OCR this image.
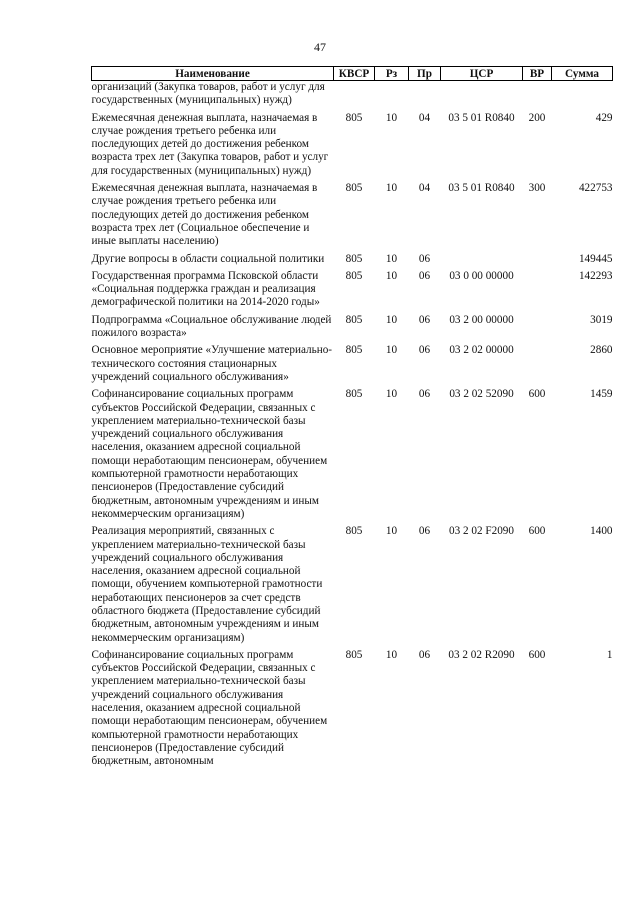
47
Наименование	КВСР	Рз	Пр	ЦСР	ВР	Сумма
организаций (Закупка товаров, работ и услуг для государственных (муниципальных) нужд)						
Ежемесячная денежная выплата, назначаемая в случае рождения третьего ребенка или последующих детей до достижения ребенком возраста трех лет (Закупка товаров, работ и услуг для государственных (муниципальных) нужд)	805	10	04	03 5 01 R0840	200	429
Ежемесячная денежная выплата, назначаемая в случае рождения третьего ребенка или последующих детей до достижения ребенком возраста трех лет (Социальное обеспечение и иные выплаты населению)	805	10	04	03 5 01 R0840	300	422753
Другие вопросы в области социальной политики	805	10	06			149445
Государственная программа Псковской области «Социальная поддержка граждан и реализация демографической политики на 2014-2020 годы»	805	10	06	03 0 00 00000		142293
Подпрограмма «Социальное обслуживание людей пожилого возраста»	805	10	06	03 2 00 00000		3019
Основное мероприятие «Улучшение материально-технического состояния стационарных учреждений социального обслуживания»	805	10	06	03 2 02 00000		2860
Софинансирование социальных программ субъектов Российской Федерации, связанных с укреплением материально-технической базы учреждений социального обслуживания населения, оказанием адресной социальной помощи неработающим пенсионерам, обучением компьютерной грамотности неработающих пенсионеров (Предоставление субсидий бюджетным, автономным учреждениям и иным некоммерческим организациям)	805	10	06	03 2 02 52090	600	1459
Реализация мероприятий, связанных с укреплением материально-технической базы учреждений социального обслуживания населения, оказанием адресной социальной помощи, обучением компьютерной грамотности неработающих пенсионеров за счет средств областного бюджета (Предоставление субсидий бюджетным, автономным учреждениям и иным некоммерческим организациям)	805	10	06	03 2 02 F2090	600	1400
Софинансирование социальных программ субъектов Российской Федерации, связанных с укреплением материально-технической базы учреждений социального обслуживания населения, оказанием адресной социальной помощи неработающим пенсионерам, обучением компьютерной грамотности неработающих пенсионеров (Предоставление субсидий бюджетным, автономным	805	10	06	03 2 02 R2090	600	1
